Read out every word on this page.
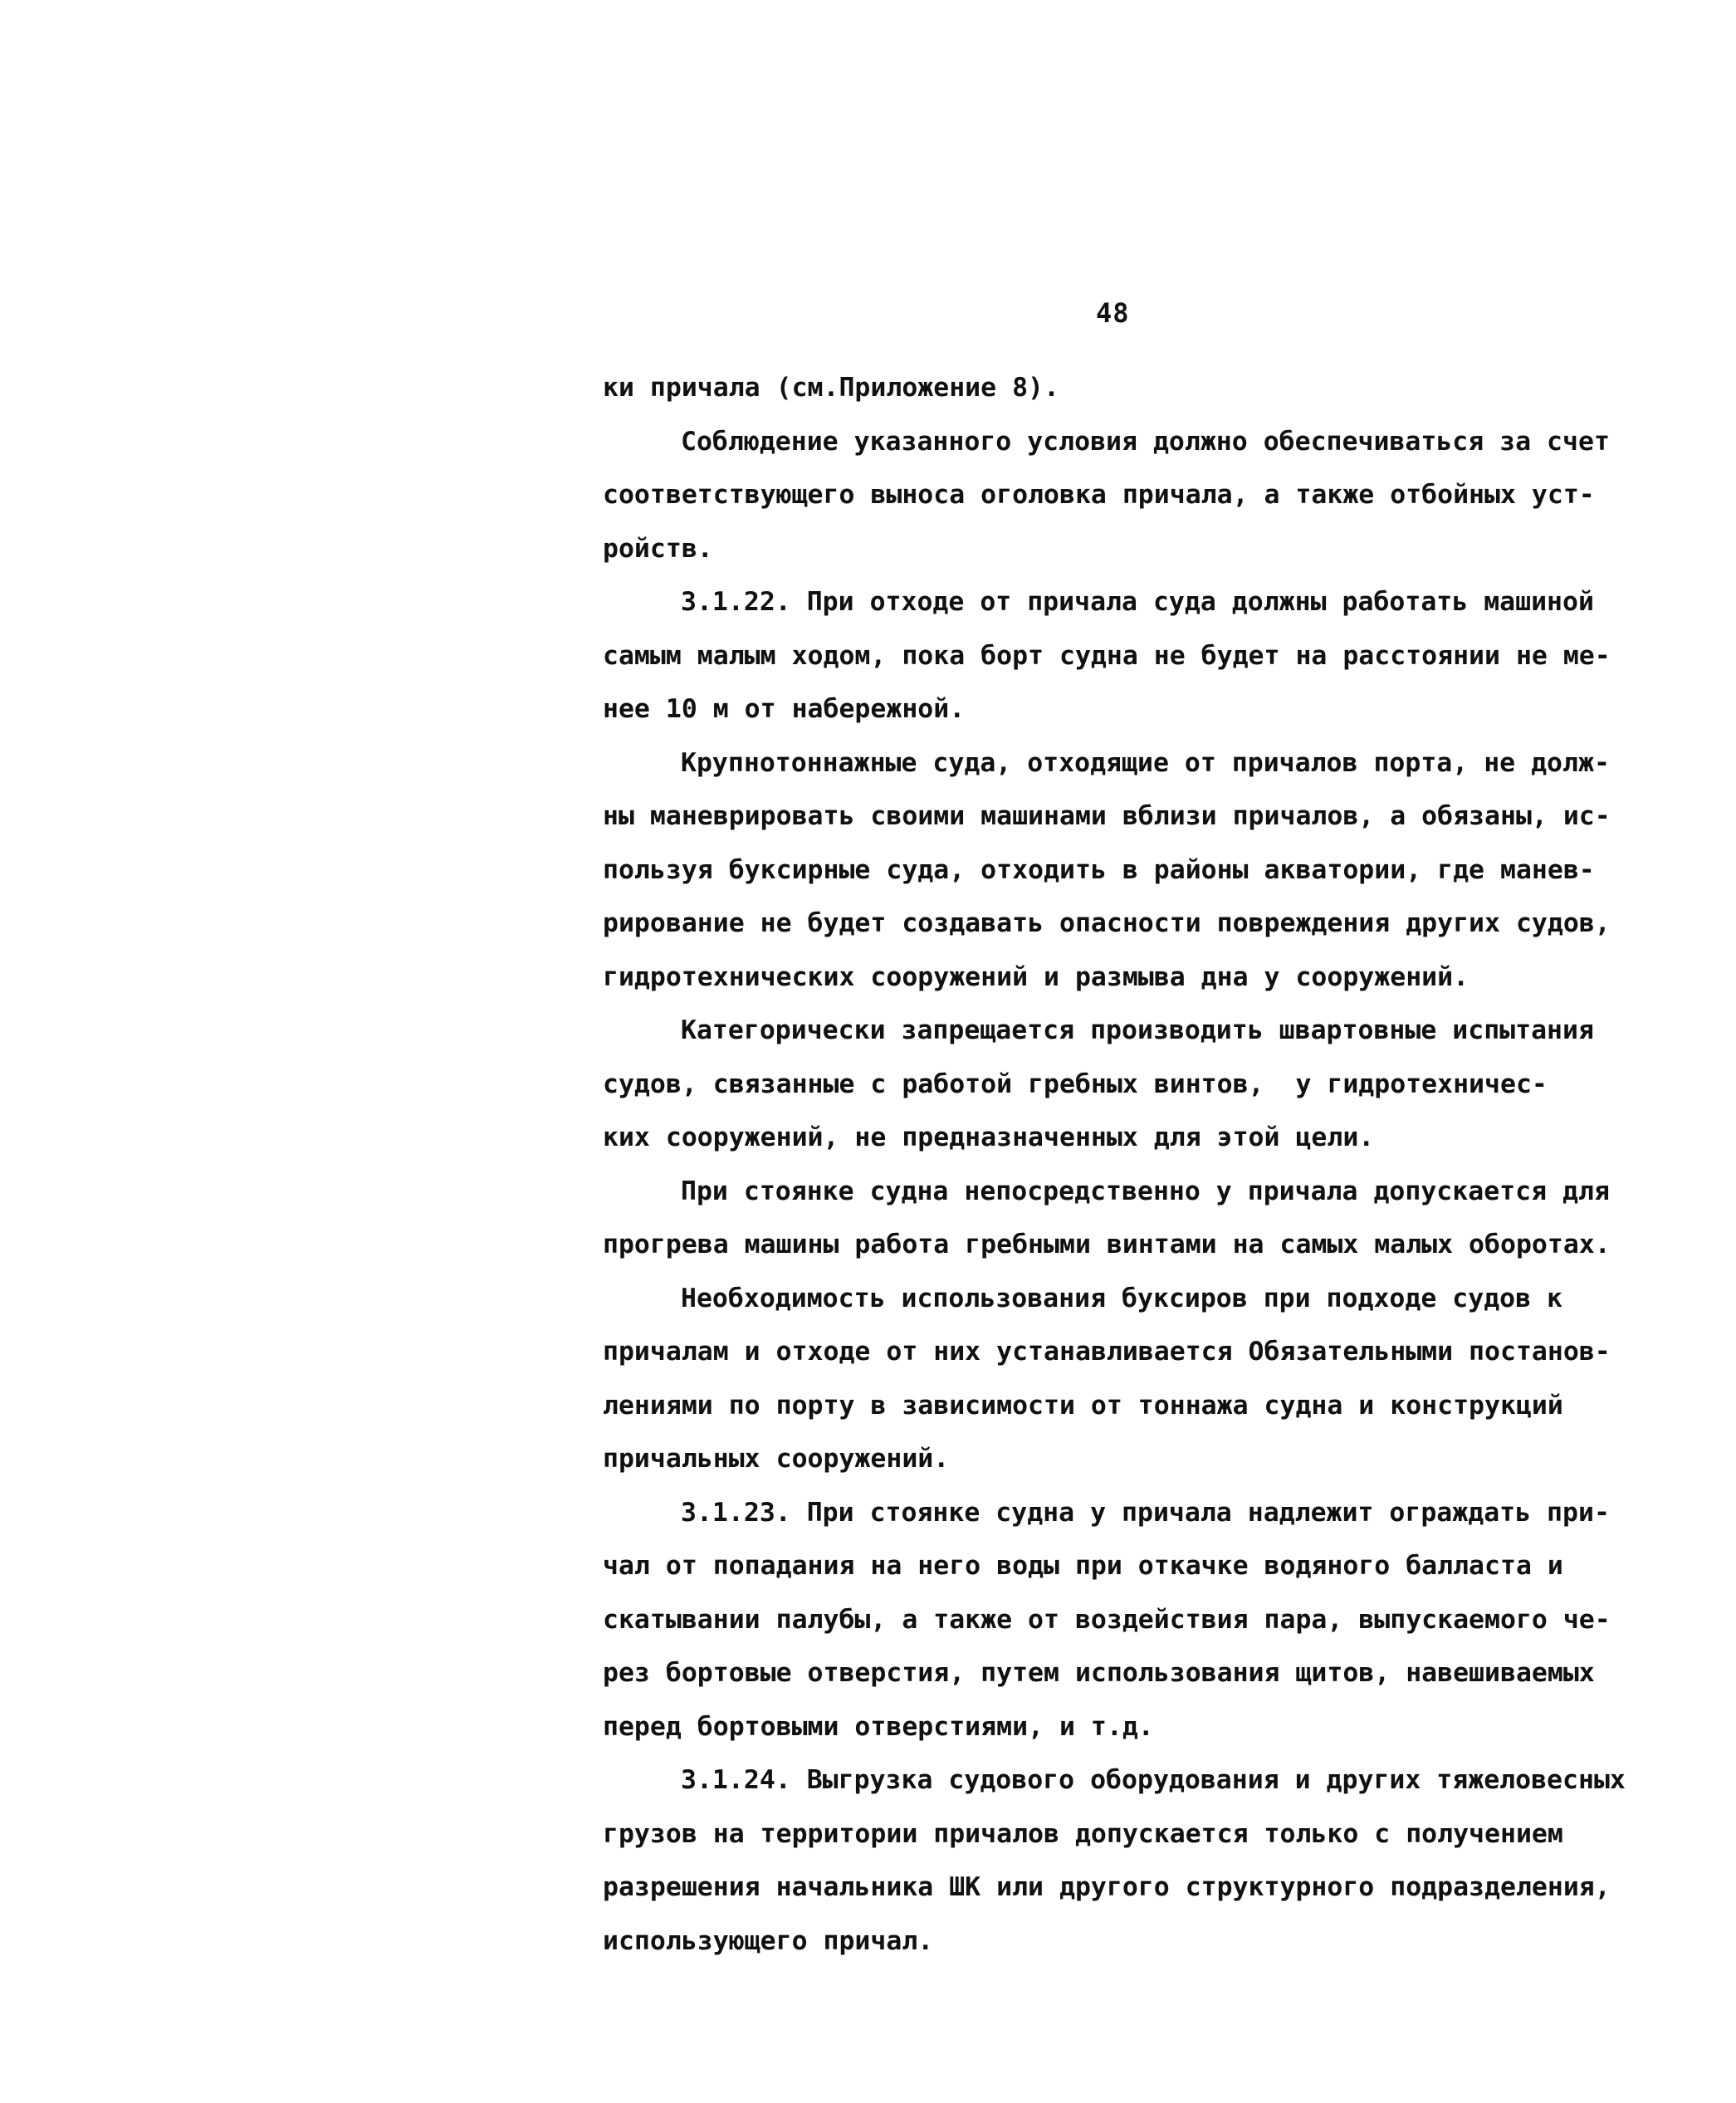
48
ки причала (см.Приложение 8).
Соблюдение указанного условия должно обеспечиваться за счет
соответствующего выноса оголовка причала, а также отбойных уст-
ройств.
3.1.22. При отходе от причала суда должны работать машиной
самым малым ходом, пока борт судна не будет на расстоянии не ме-
нее 10 м от набережной.
Крупнотоннажные суда, отходящие от причалов порта, не долж-
ны маневрировать своими машинами вблизи причалов, а обязаны, ис-
пользуя буксирные суда, отходить в районы акватории, где манев-
рирование не будет создавать опасности повреждения других судов,
гидротехнических сооружений и размыва дна у сооружений.
Категорически запрещается производить швартовные испытания
судов, связанные с работой гребных винтов,  у гидротехничес-
ких сооружений, не предназначенных для этой цели.
При стоянке судна непосредственно у причала допускается для
прогрева машины работа гребными винтами на самых малых оборотах.
Необходимость использования буксиров при подходе судов к
причалам и отходе от них устанавливается Обязательными постанов-
лениями по порту в зависимости от тоннажа судна и конструкций
причальных сооружений.
3.1.23. При стоянке судна у причала надлежит ограждать при-
чал от попадания на него воды при откачке водяного балласта и
скатывании палубы, а также от воздействия пара, выпускаемого че-
рез бортовые отверстия, путем использования щитов, навешиваемых
перед бортовыми отверстиями, и т.д.
3.1.24. Выгрузка судового оборудования и других тяжеловесных
грузов на территории причалов допускается только с получением
разрешения начальника ШК или другого структурного подразделения,
использующего причал.
